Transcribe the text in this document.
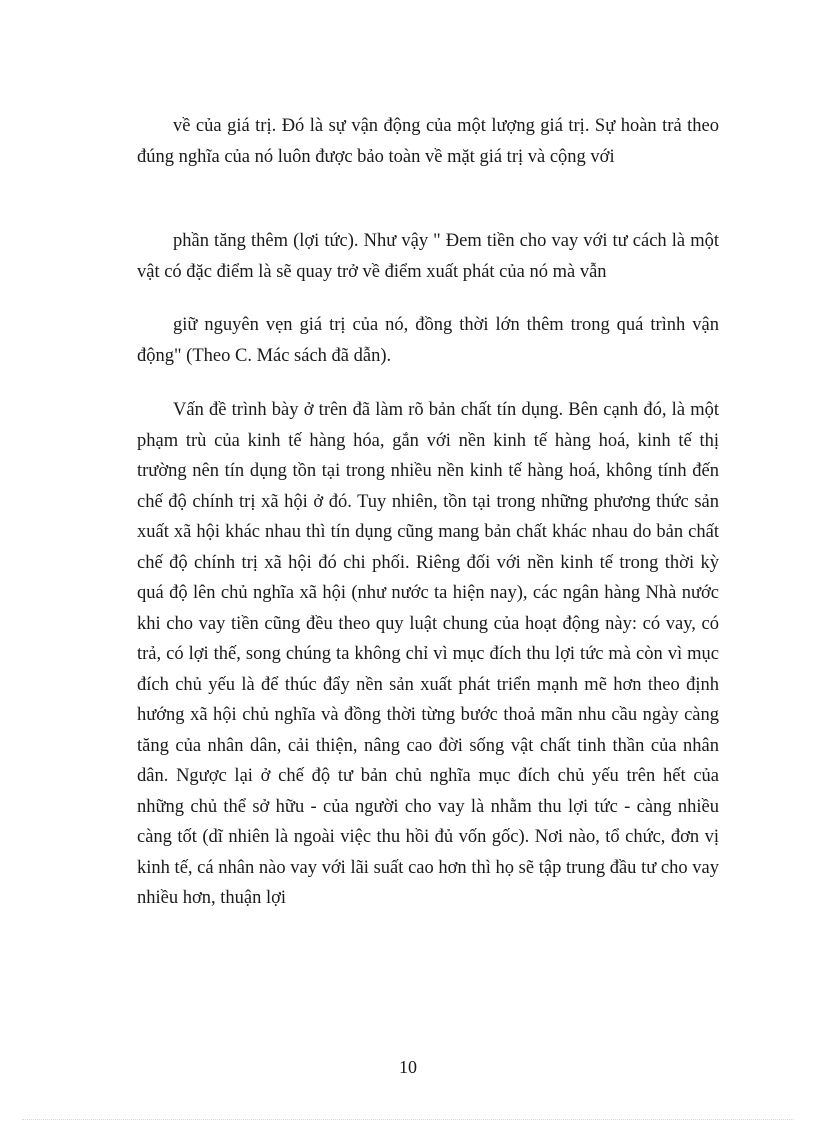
về của giá trị. Đó là sự vận động của một lượng giá trị. Sự hoàn trả theo đúng nghĩa của nó luôn được bảo toàn về mặt giá trị và cộng với

phần tăng thêm (lợi tức). Như vậy " Đem tiền cho vay với tư cách là một vật có đặc điểm là sẽ quay trở về điểm xuất phát của nó mà vẫn

giữ nguyên vẹn giá trị của nó, đồng thời lớn thêm trong quá trình vận động" (Theo C. Mác sách đã dẫn).

Vấn đề trình bày ở trên đã làm rõ bản chất tín dụng. Bên cạnh đó, là một phạm trù của kinh tế hàng hóa, gắn với nền kinh tế hàng hoá, kinh tế thị trường nên tín dụng tồn tại trong nhiều nền kinh tế hàng hoá, không tính đến chế độ chính trị xã hội ở đó. Tuy nhiên, tồn tại trong những phương thức sản xuất xã hội khác nhau thì tín dụng cũng mang bản chất khác nhau do bản chất chế độ chính trị xã hội đó chi phối. Riêng đối với nền kinh tế trong thời kỳ quá độ lên chủ nghĩa xã hội (như nước ta hiện nay), các ngân hàng Nhà nước khi cho vay tiền cũng đều theo quy luật chung của hoạt động này: có vay, có trả, có lợi thế, song chúng ta không chỉ vì mục đích thu lợi tức mà còn vì mục đích chủ yếu là để thúc đẩy nền sản xuất phát triển mạnh mẽ hơn theo định hướng xã hội chủ nghĩa và đồng thời từng bước thoả mãn nhu cầu ngày càng tăng của nhân dân, cải thiện, nâng cao đời sống vật chất tinh thần của nhân dân. Ngược lại ở chế độ tư bản chủ nghĩa mục đích chủ yếu trên hết của những chủ thể sở hữu - của người cho vay là nhằm thu lợi tức - càng nhiều càng tốt (dĩ nhiên là ngoài việc thu hồi đủ vốn gốc). Nơi nào, tổ chức, đơn vị kinh tế, cá nhân nào vay với lãi suất cao hơn thì họ sẽ tập trung đầu tư cho vay nhiều hơn, thuận lợi

10
